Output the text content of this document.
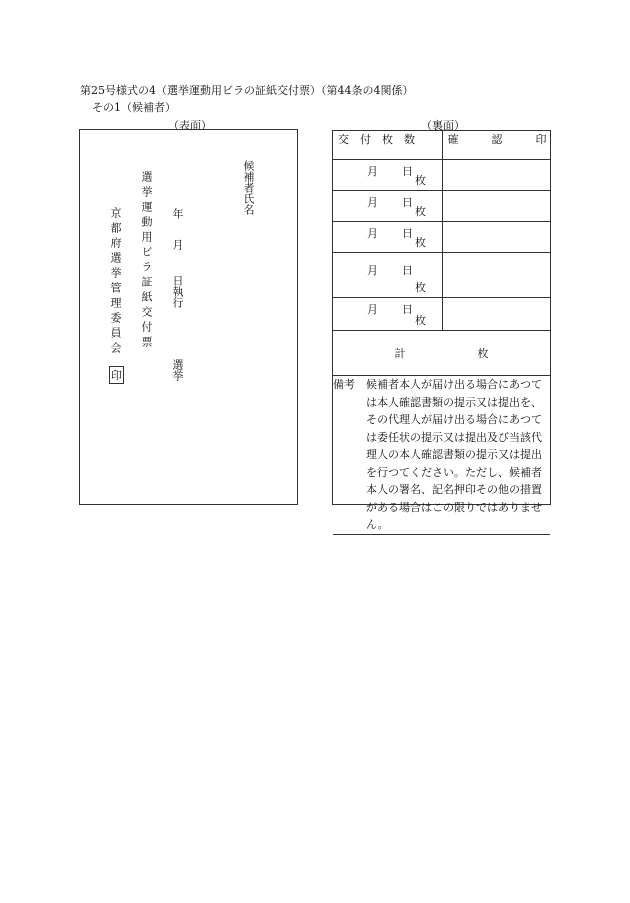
第25号様式の4（選挙運動用ビラの証紙交付票）（第44条の4関係）
その1（候補者）
（表面）	（裏面）
候補者氏名
年
月
日執行
選挙
選挙運動用ビラ証紙交付票
京都府選挙管理委員会
印
交　付　枚　数	確　　　認　　　印

月 日
枚	

月 日
枚	

月 日
枚	

月 日
枚	

月 日
枚	

計 枚	

備考 候補者本人が届け出る場合にあつては本人確認書類の提示又は提出を、その代理人が届け出る場合にあつては委任状の提示又は提出及び当該代理人の本人確認書類の提示又は提出を行つてください。ただし、候補者本人の署名、記名押印その他の措置がある場合はこの限りではありません。	
